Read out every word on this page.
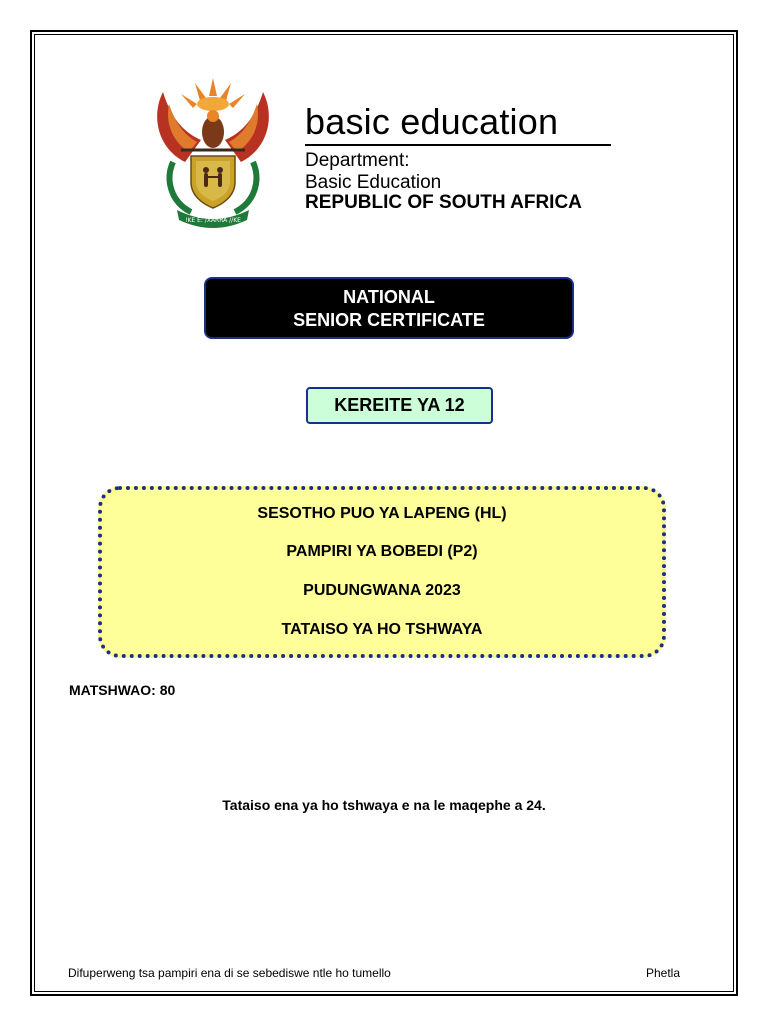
!KE E: /XARRA //KE
basic education
Department:
Basic Education
REPUBLIC OF SOUTH AFRICA
NATIONAL
SENIOR CERTIFICATE
KEREITE YA 12
SESOTHO PUO YA LAPENG (HL)
PAMPIRI YA BOBEDI (P2)
PUDUNGWANA 2023
TATAISO YA HO TSHWAYA
MATSHWAO: 80
Tataiso ena ya ho tshwaya e na le maqephe a 24.
Difuperweng tsa pampiri ena di se sebediswe ntle ho tumello	Phetla
